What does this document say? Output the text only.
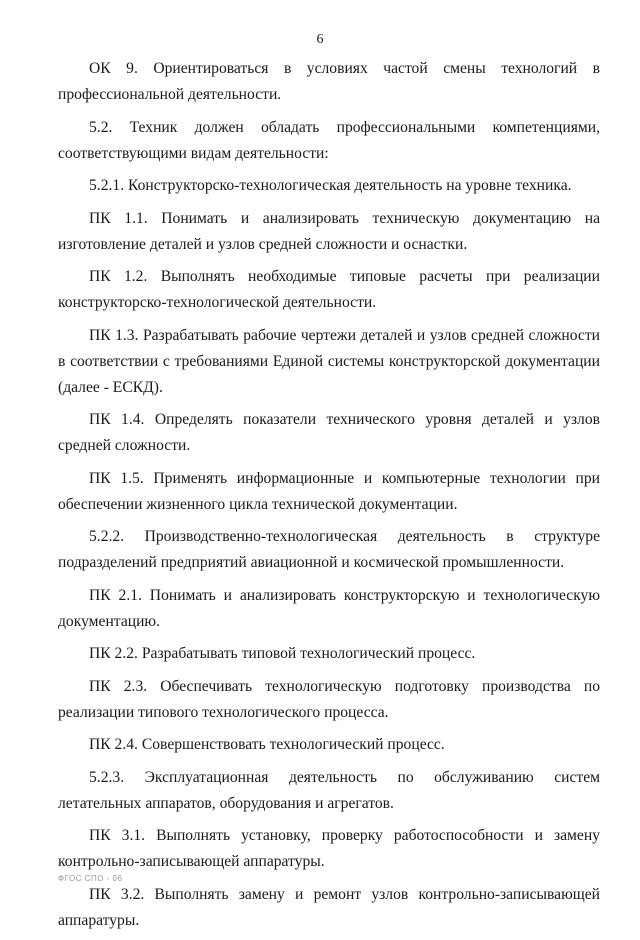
6

ОК 9. Ориентироваться в условиях частой смены технологий в профессиональной деятельности.

5.2. Техник должен обладать профессиональными компетенциями, соответствующими видам деятельности:

5.2.1. Конструкторско-технологическая деятельность на уровне техника.

ПК 1.1. Понимать и анализировать техническую документацию на изготовление деталей и узлов средней сложности и оснастки.

ПК 1.2. Выполнять необходимые типовые расчеты при реализации конструкторско-технологической деятельности.

ПК 1.3. Разрабатывать рабочие чертежи деталей и узлов средней сложности в соответствии с требованиями Единой системы конструкторской документации (далее - ЕСКД).

ПК 1.4. Определять показатели технического уровня деталей и узлов средней сложности.

ПК 1.5. Применять информационные и компьютерные технологии при обеспечении жизненного цикла технической документации.

5.2.2. Производственно-технологическая деятельность в структуре подразделений предприятий авиационной и космической промышленности.

ПК 2.1. Понимать и анализировать конструкторскую и технологическую документацию.

ПК 2.2. Разрабатывать типовой технологический процесс.

ПК 2.3. Обеспечивать технологическую подготовку производства по реализации типового технологического процесса.

ПК 2.4. Совершенствовать технологический процесс.

5.2.3. Эксплуатационная деятельность по обслуживанию систем летательных аппаратов, оборудования и агрегатов.

ПК 3.1. Выполнять установку, проверку работоспособности и замену контрольно-записывающей аппаратуры.

ПК 3.2. Выполнять замену и ремонт узлов контрольно-записывающей аппаратуры.

ФГОС СПО - 06
